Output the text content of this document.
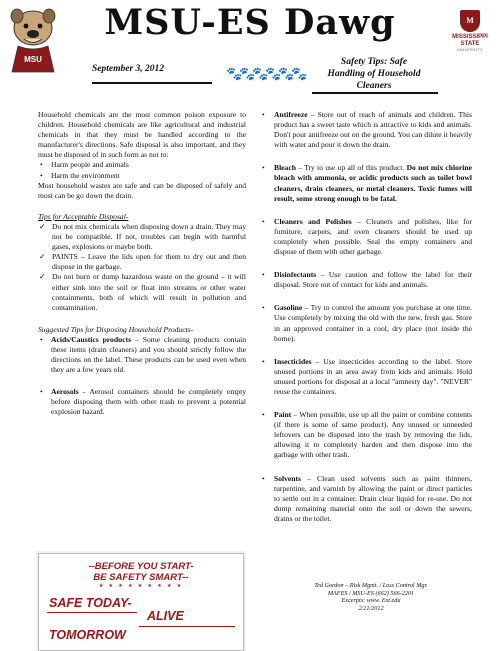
MSU
MSU-ES Dawg
September 3, 2012	🐾🐾🐾🐾🐾🐾
Safety Tips: Safe
Handling of Household
Cleaners
M
MISSISSIPPI STATE
UNIVERSITY

Household chemicals are the most common poison exposure to children. Household chemicals are like agricultural and industrial chemicals in that they must be handled according to the manufacturer's directions. Safe disposal is also important, and they must be disposed of in such form as not to:

• Harm people and animals
• Harm the environment

Most household wastes are safe and can be disposed of safely and most can be go down the drain.

Tips for Acceptable Disposal-

✓ Do not mix chemicals when disposing down a drain. They may not be compatible. If not, troubles can begin with harmful gases, explosions or maybe both.
✓ PAINTS – Leave the lids open for them to dry out and then dispose in the garbage.
✓ Do not burn or dump hazardous waste on the ground – it will either sink into the soil or float into streams or other water containments, both of which will result in pollution and contamination.

Suggested Tips for Disposing Household Products-

• Acids/Caustics products – Some cleaning products contain these items (drain cleaners) and you should strictly follow the directions on the label. These products can be used even when they are a few years old.
• Aerosols - Aerosol containers should be completely empty before disposing them with other trash to prevent a potential explosion hazard.
• Antifreeze – Store out of reach of animals and children. This product has a sweet taste which is attractive to kids and animals. Don't pour antifreeze out on the ground. You can dilute it heavily with water and pour it down the drain.
• Bleach – Try to use up all of this product. Do not mix chlorine bleach with ammonia, or acidic products such as toilet bowl cleaners, drain cleaners, or metal cleaners. Toxic fumes will result, some strong enough to be fatal.
• Cleaners and Polishes – Cleaners and polishes, like for furniture, carpets, and oven cleaners should be used up completely when possible. Seal the empty containers and dispose of them with other garbage.
• Disinfectants – Use caution and follow the label for their disposal. Store out of contact for kids and animals.
• Gasoline – Try to control the amount you purchase at one time. Use completely by mixing the old with the new, fresh gas. Store in an approved container in a cool, dry place (not inside the home).
• Insecticides – Use insecticides according to the label. Store unused portions in an area away from kids and animals. Hold unused portions for disposal at a local "amnesty day". "NEVER" reuse the containers.
• Paint – When possible, use up all the paint or combine contents (if there is some of same product). Any unused or unneeded leftovers can be disposed into the trash by removing the lids, allowing it to completely harden and then dispose into the garbage with other trash.
• Solvents – Clean used solvents such as paint thinners, turpentine, and varnish by allowing the paint or direct particles to settle out in a container. Drain clear liquid for re-use. Do not dump remaining material onto the soil or down the sewers, drains or the toilet.
--BEFORE YOU START-
BE SAFETY SMART--
★ ★ ★ ★ ★ ★ ★ ★ ★
SAFE TODAY-
ALIVE
TOMORROW
Ted Gordon – Risk Mgmt. / Loss Control Mgr.
MAFES / MSU-ES (662) 566-2201
Excerpts: www. Ext.edu
2/21/2012
